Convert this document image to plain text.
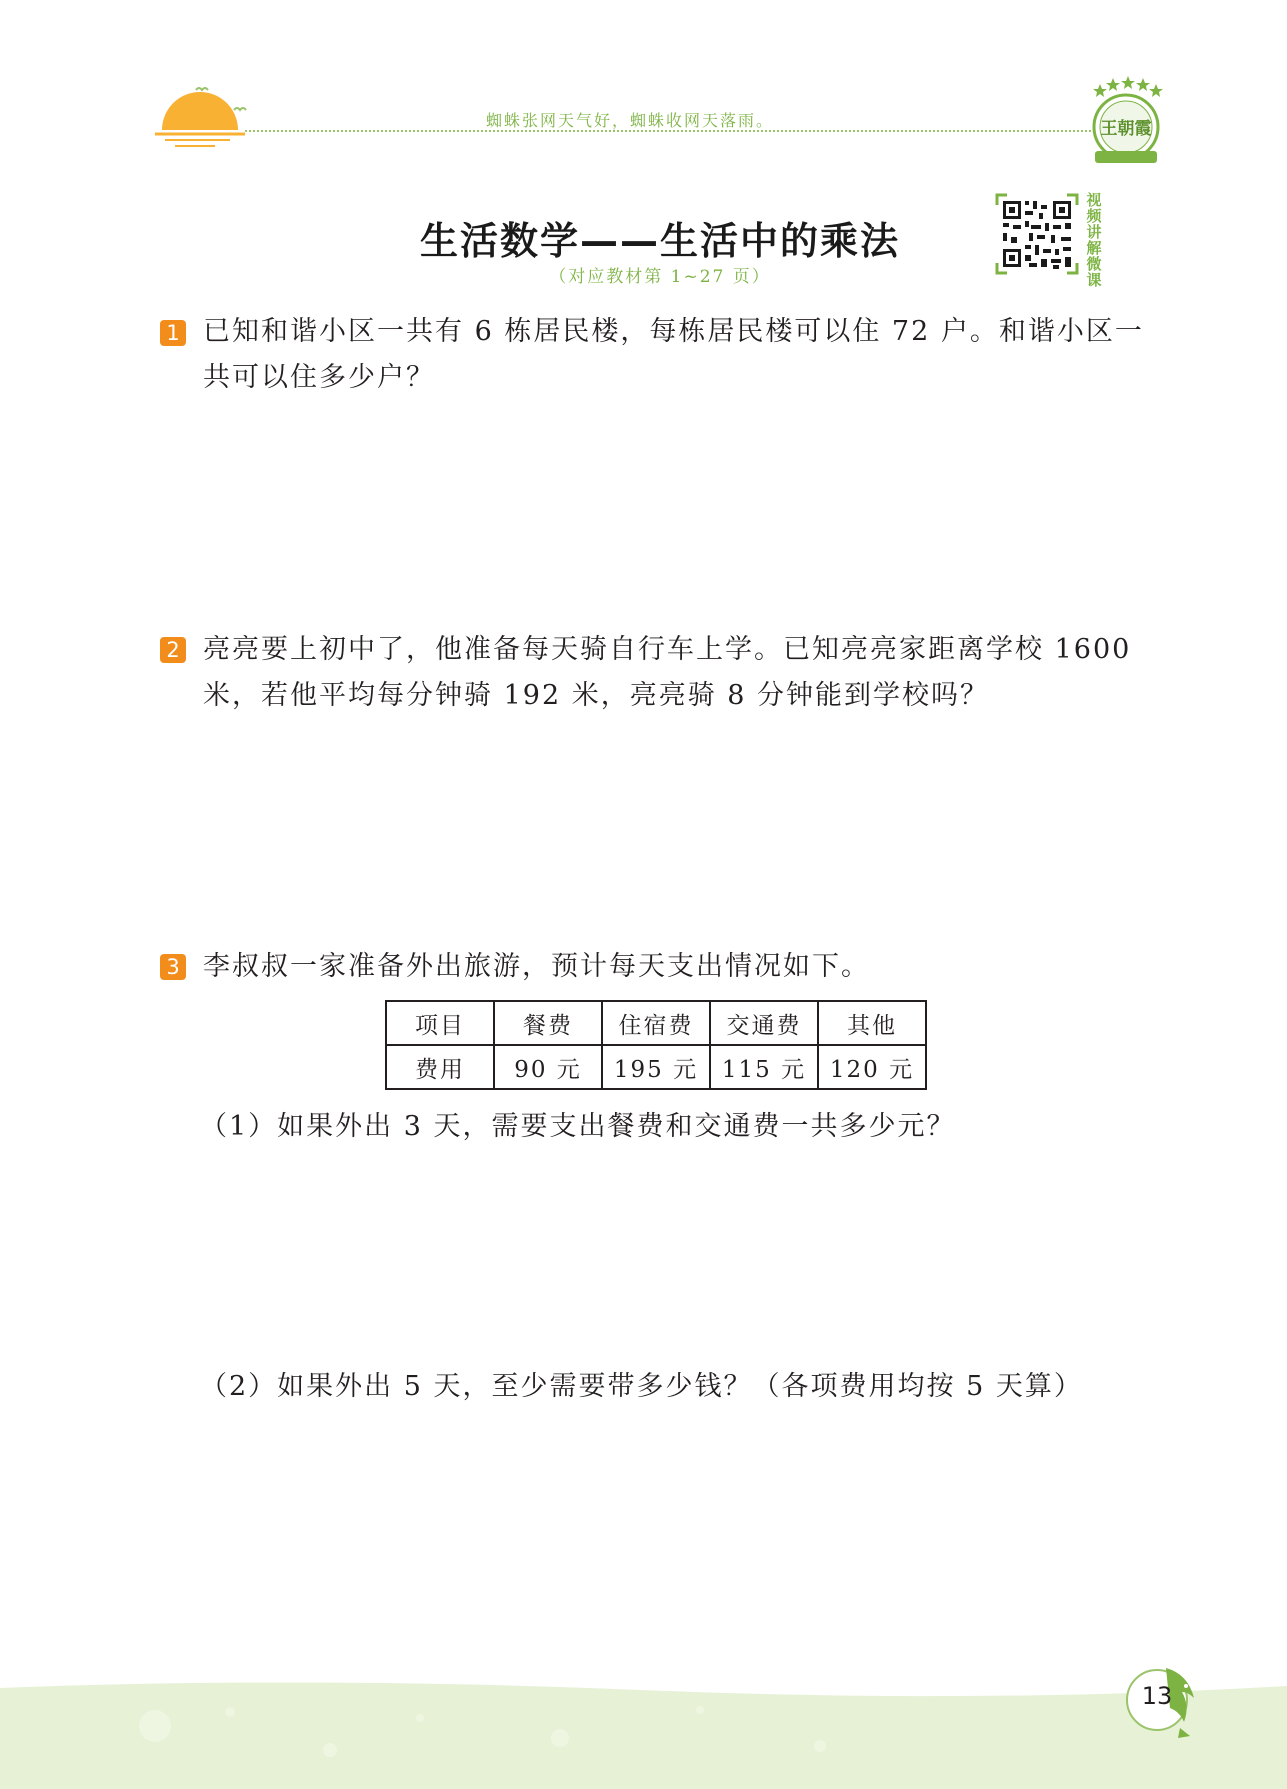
蜘蛛张网天气好，蜘蛛收网天落雨。	王朝霞
生活数学——生活中的乘法
（对应教材第 1~27 页）
视频讲解微课
1 已知和谐小区一共有 6 栋居民楼，每栋居民楼可以住 72 户。和谐小区一
共可以住多少户？
2 亮亮要上初中了，他准备每天骑自行车上学。已知亮亮家距离学校 1600
米，若他平均每分钟骑 192 米，亮亮骑 8 分钟能到学校吗？
3 李叔叔一家准备外出旅游，预计每天支出情况如下。
项目	餐费	住宿费	交通费	其他
费用	90 元	195 元	115 元	120 元
（1）如果外出 3 天，需要支出餐费和交通费一共多少元？
（2）如果外出 5 天，至少需要带多少钱？（各项费用均按 5 天算）
13
